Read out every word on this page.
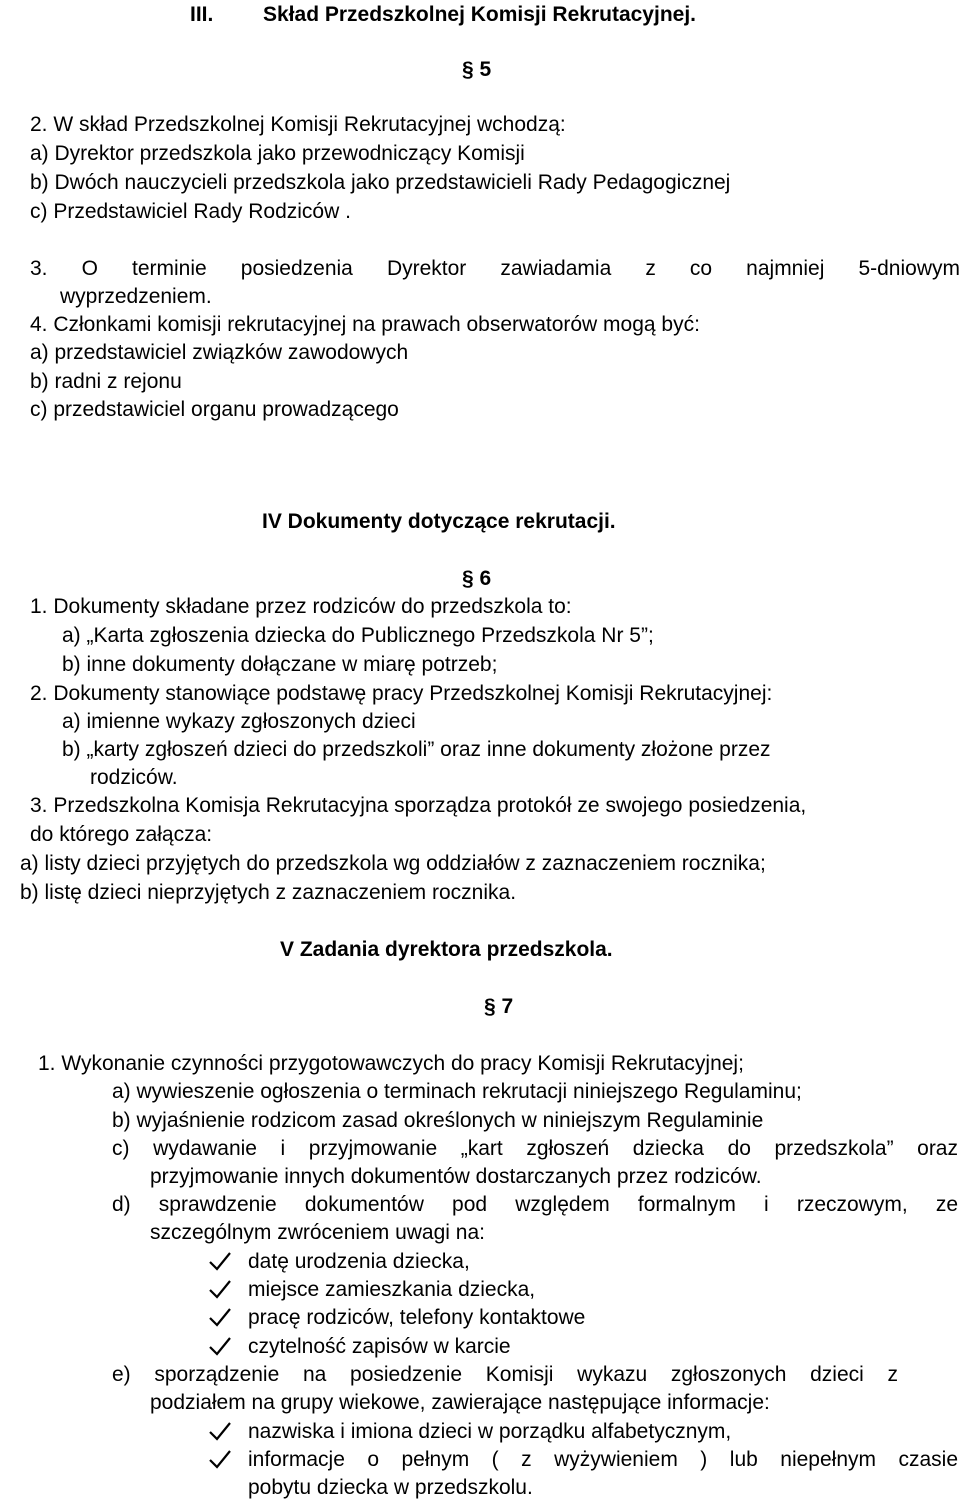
III. Skład Przedszkolnej Komisji Rekrutacyjnej.
§ 5
2. W skład Przedszkolnej Komisji Rekrutacyjnej wchodzą:
a) Dyrektor przedszkola jako przewodniczący Komisji
b) Dwóch nauczycieli przedszkola jako przedstawicieli Rady Pedagogicznej
c) Przedstawiciel Rady Rodziców .
3. O terminie posiedzenia Dyrektor zawiadamia z co najmniej 5-dniowym
wyprzedzeniem.
4. Członkami komisji rekrutacyjnej na prawach obserwatorów mogą być:
a) przedstawiciel związków zawodowych
b) radni z rejonu
c) przedstawiciel organu prowadzącego
IV Dokumenty dotyczące rekrutacji.
§ 6
1. Dokumenty składane przez rodziców do przedszkola to:
a) „Karta zgłoszenia dziecka do Publicznego Przedszkola Nr 5”;
b) inne dokumenty dołączane w miarę potrzeb;
2. Dokumenty stanowiące podstawę pracy Przedszkolnej Komisji Rekrutacyjnej:
a) imienne wykazy zgłoszonych dzieci
b) „karty zgłoszeń dzieci do przedszkoli” oraz inne dokumenty złożone przez
rodziców.
3. Przedszkolna Komisja Rekrutacyjna sporządza protokół ze swojego posiedzenia,
do którego załącza:
a) listy dzieci przyjętych do przedszkola wg oddziałów z zaznaczeniem rocznika;
b) listę dzieci nieprzyjętych z zaznaczeniem rocznika.
V Zadania dyrektora przedszkola.
§ 7
1. Wykonanie czynności przygotowawczych do pracy Komisji Rekrutacyjnej;
a) wywieszenie ogłoszenia o terminach rekrutacji niniejszego Regulaminu;
b) wyjaśnienie rodzicom zasad określonych w niniejszym Regulaminie
c) wydawanie i przyjmowanie „kart zgłoszeń dziecka do przedszkola” oraz
przyjmowanie innych dokumentów dostarczanych przez rodziców.
d) sprawdzenie dokumentów pod względem formalnym i rzeczowym, ze
szczególnym zwróceniem uwagi na:
datę urodzenia dziecka,
miejsce zamieszkania dziecka,
pracę rodziców, telefony kontaktowe
czytelność zapisów w karcie
e) sporządzenie na posiedzenie Komisji wykazu zgłoszonych dzieci z
podziałem na grupy wiekowe, zawierające następujące informacje:
nazwiska i imiona dzieci w porządku alfabetycznym,
informacje o pełnym ( z wyżywieniem ) lub niepełnym czasie
pobytu dziecka w przedszkolu.
